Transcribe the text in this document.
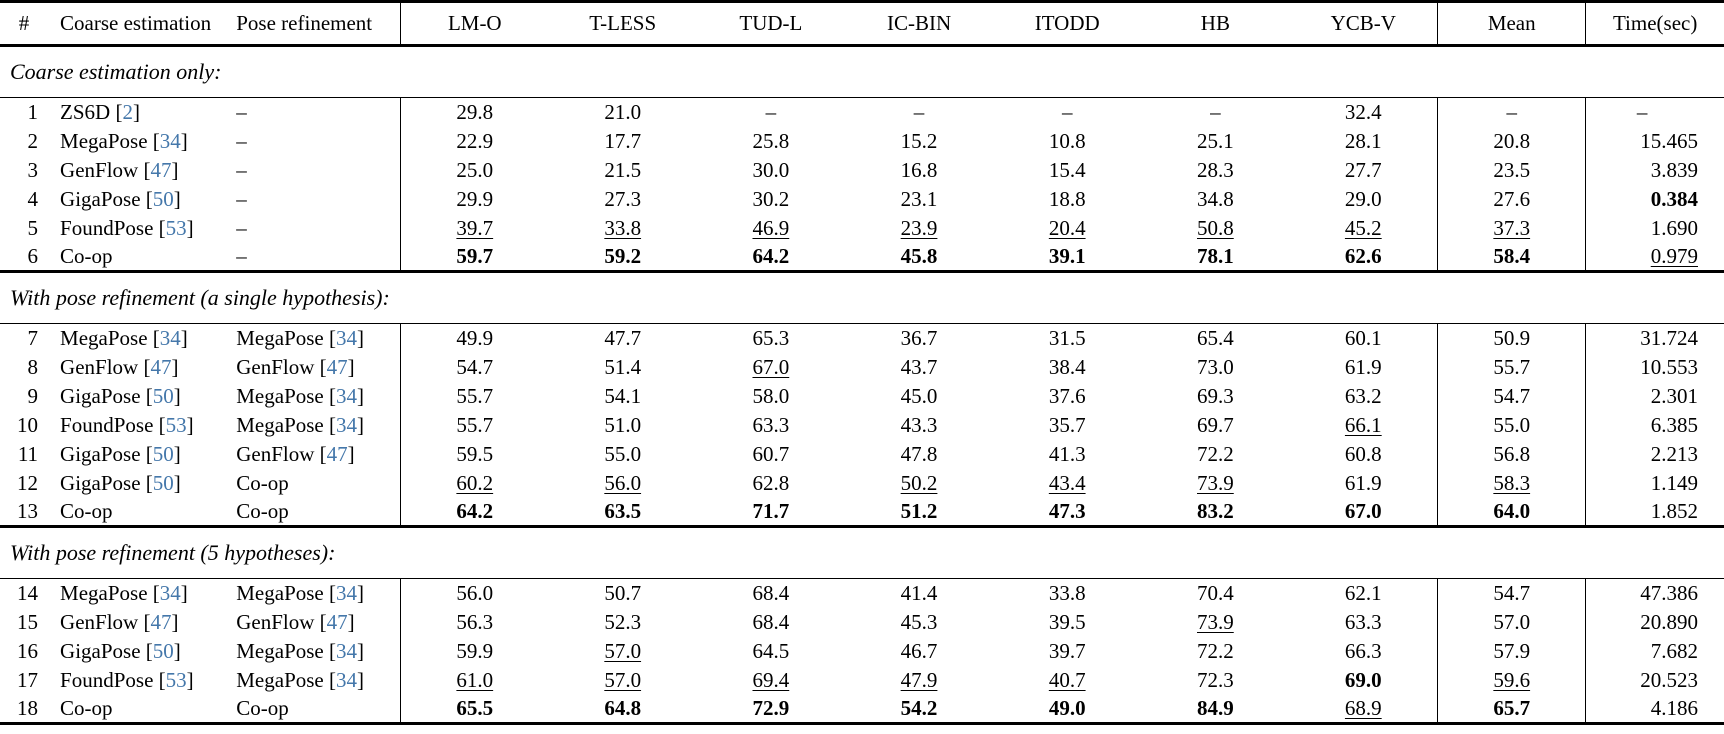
#	Coarse estimation	Pose refinement	LM-O	T-LESS	TUD-L	IC-BIN	ITODD	HB	YCB-V	Mean	Time(sec)
Coarse estimation only:											
1	ZS6D [2]	–	29.8	21.0	–	–	–	–	32.4	–	–
2	MegaPose [34]	–	22.9	17.7	25.8	15.2	10.8	25.1	28.1	20.8	15.465
3	GenFlow [47]	–	25.0	21.5	30.0	16.8	15.4	28.3	27.7	23.5	3.839
4	GigaPose [50]	–	29.9	27.3	30.2	23.1	18.8	34.8	29.0	27.6	0.384
5	FoundPose [53]	–	39.7	33.8	46.9	23.9	20.4	50.8	45.2	37.3	1.690
6	Co-op	–	59.7	59.2	64.2	45.8	39.1	78.1	62.6	58.4	0.979
With pose refinement (a single hypothesis):											
7	MegaPose [34]	MegaPose [34]	49.9	47.7	65.3	36.7	31.5	65.4	60.1	50.9	31.724
8	GenFlow [47]	GenFlow [47]	54.7	51.4	67.0	43.7	38.4	73.0	61.9	55.7	10.553
9	GigaPose [50]	MegaPose [34]	55.7	54.1	58.0	45.0	37.6	69.3	63.2	54.7	2.301
10	FoundPose [53]	MegaPose [34]	55.7	51.0	63.3	43.3	35.7	69.7	66.1	55.0	6.385
11	GigaPose [50]	GenFlow [47]	59.5	55.0	60.7	47.8	41.3	72.2	60.8	56.8	2.213
12	GigaPose [50]	Co-op	60.2	56.0	62.8	50.2	43.4	73.9	61.9	58.3	1.149
13	Co-op	Co-op	64.2	63.5	71.7	51.2	47.3	83.2	67.0	64.0	1.852
With pose refinement (5 hypotheses):											
14	MegaPose [34]	MegaPose [34]	56.0	50.7	68.4	41.4	33.8	70.4	62.1	54.7	47.386
15	GenFlow [47]	GenFlow [47]	56.3	52.3	68.4	45.3	39.5	73.9	63.3	57.0	20.890
16	GigaPose [50]	MegaPose [34]	59.9	57.0	64.5	46.7	39.7	72.2	66.3	57.9	7.682
17	FoundPose [53]	MegaPose [34]	61.0	57.0	69.4	47.9	40.7	72.3	69.0	59.6	20.523
18	Co-op	Co-op	65.5	64.8	72.9	54.2	49.0	84.9	68.9	65.7	4.186
